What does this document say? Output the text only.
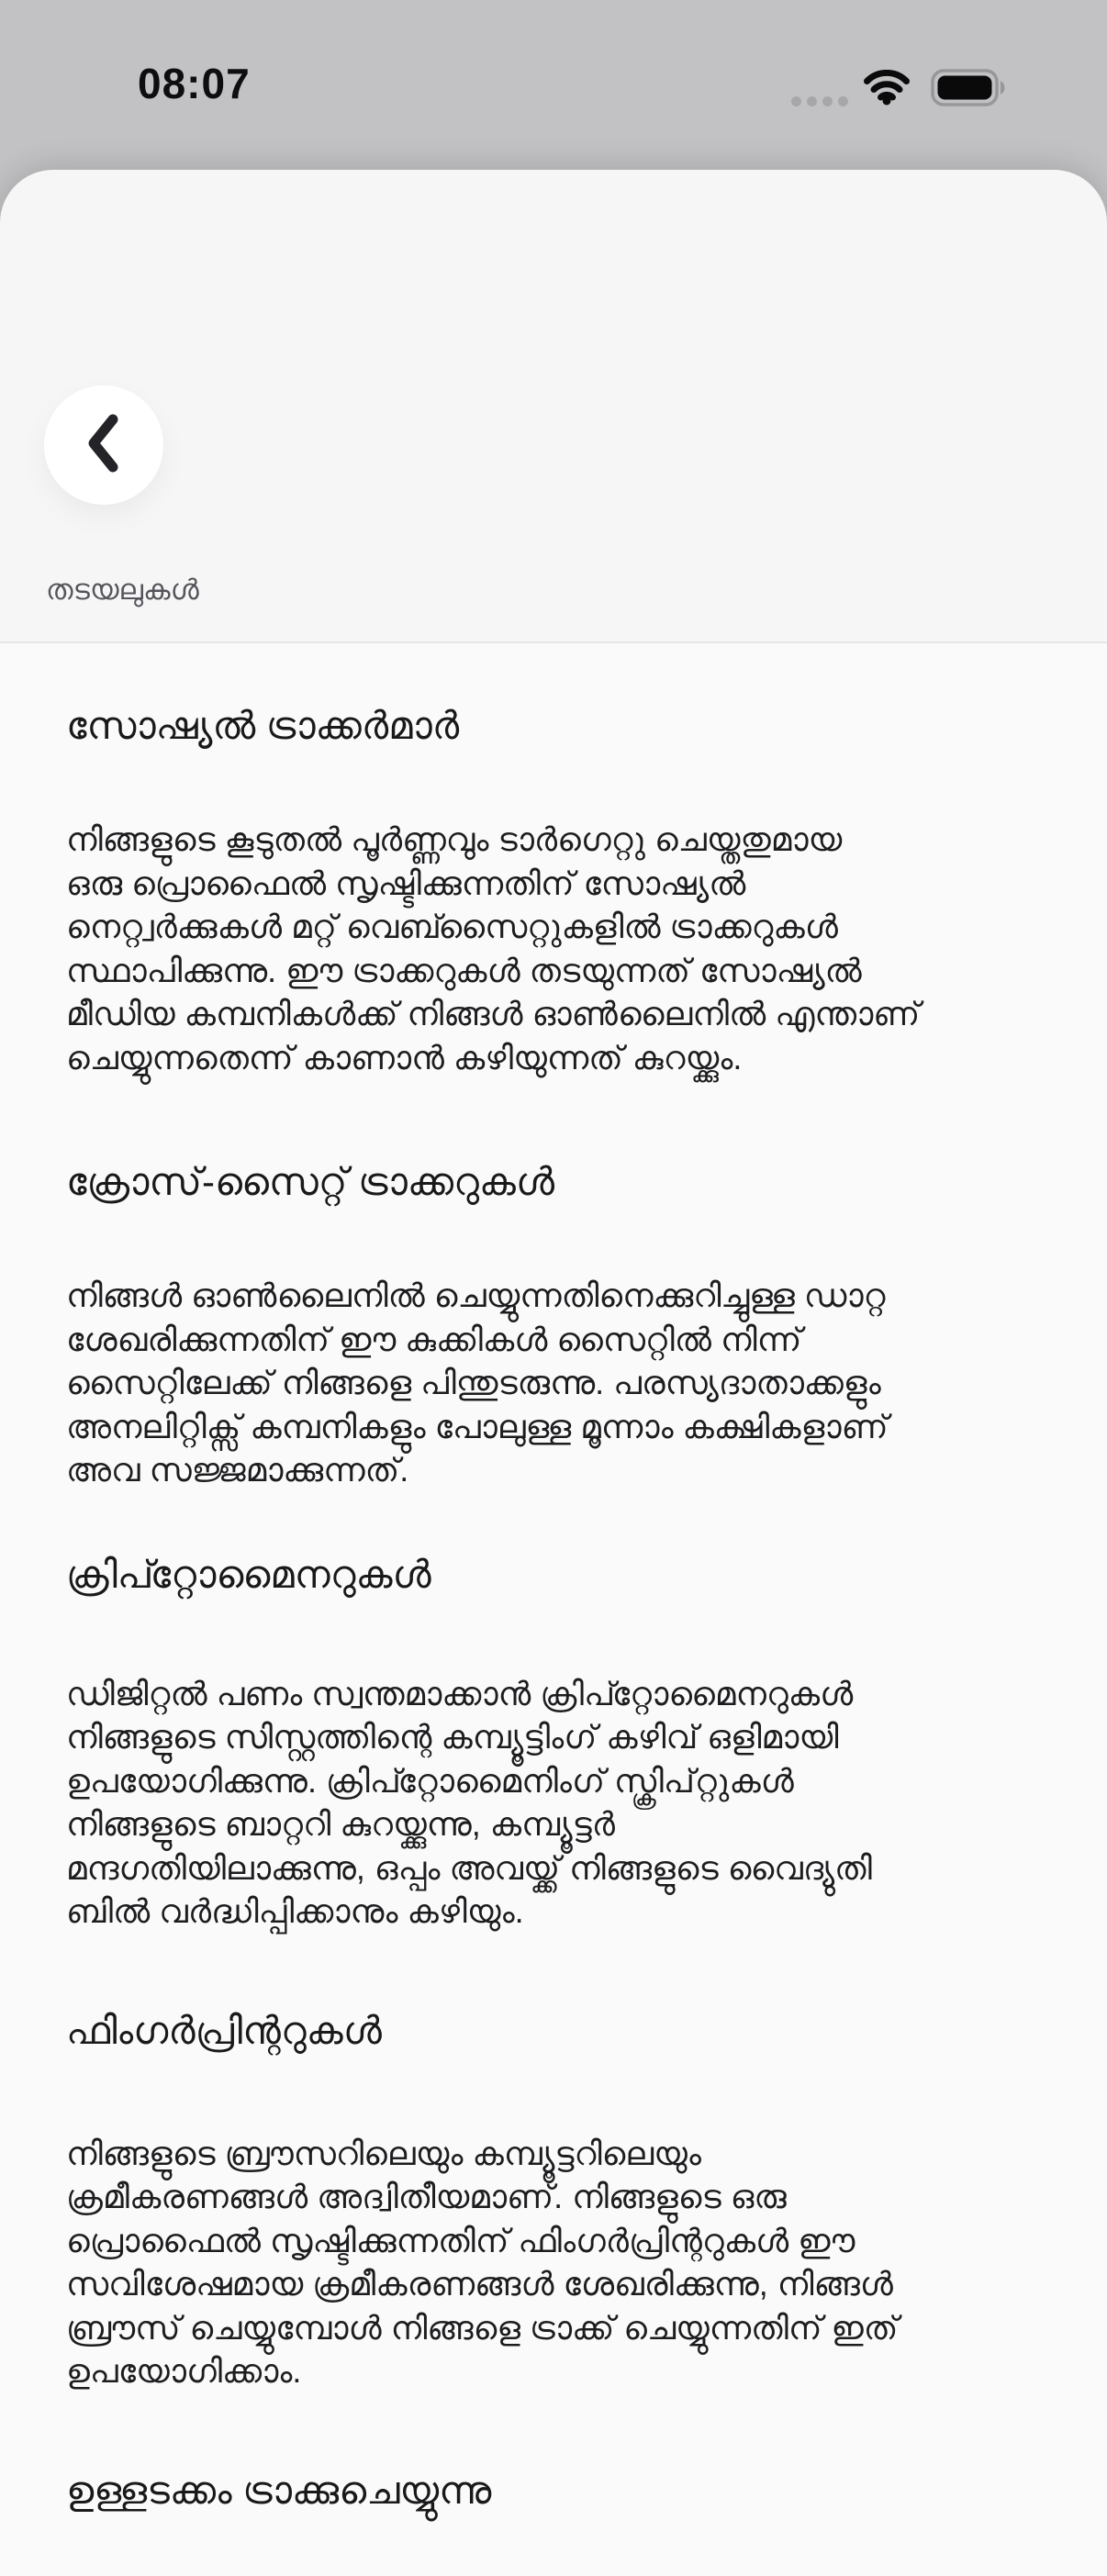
08:07
തടയലുകൾ
സോഷ്യൽ ട്രാക്കർമാർ
നിങ്ങളുടെ കൂടുതൽ പൂർണ്ണവും ടാർഗെറ്റു ചെയ്തതുമായ
ഒരു പ്രൊഫൈൽ സൃഷ്ടിക്കുന്നതിന് സോഷ്യൽ
നെറ്റ്വർക്കുകൾ മറ്റ് വെബ്സൈറ്റുകളിൽ ട്രാക്കറുകൾ
സ്ഥാപിക്കുന്നു. ഈ ട്രാക്കറുകൾ തടയുന്നത് സോഷ്യൽ
മീഡിയ കമ്പനികൾക്ക് നിങ്ങൾ ഓൺലൈനിൽ എന്താണ്
ചെയ്യുന്നതെന്ന് കാണാൻ കഴിയുന്നത് കുറയ്ക്കും.
ക്രോസ്-സൈറ്റ് ട്രാക്കറുകൾ
നിങ്ങൾ ഓൺലൈനിൽ ചെയ്യുന്നതിനെക്കുറിച്ചുള്ള ഡാറ്റ
ശേഖരിക്കുന്നതിന് ഈ കുക്കികൾ സൈറ്റിൽ നിന്ന്
സൈറ്റിലേക്ക് നിങ്ങളെ പിന്തുടരുന്നു. പരസ്യദാതാക്കളും
അനലിറ്റിക്സ് കമ്പനികളും പോലുള്ള മൂന്നാം കക്ഷികളാണ്
അവ സജ്ജമാക്കുന്നത്.
ക്രിപ്റ്റോമൈനറുകൾ
ഡിജിറ്റൽ പണം സ്വന്തമാക്കാൻ ക്രിപ്റ്റോമൈനറുകൾ
നിങ്ങളുടെ സിസ്റ്റത്തിന്റെ കമ്പ്യൂട്ടിംഗ് കഴിവ് ഒളിമായി
ഉപയോഗിക്കുന്നു. ക്രിപ്റ്റോമൈനിംഗ് സ്ക്രിപ്റ്റുകൾ
നിങ്ങളുടെ ബാറ്ററി കുറയ്ക്കുന്നു, കമ്പ്യൂട്ടർ
മന്ദഗതിയിലാക്കുന്നു, ഒപ്പം അവയ്ക്ക് നിങ്ങളുടെ വൈദ്യുതി
ബിൽ വർദ്ധിപ്പിക്കാനും കഴിയും.
ഫിംഗർപ്രിന്ററുകൾ
നിങ്ങളുടെ ബ്രൗസറിലെയും കമ്പ്യൂട്ടറിലെയും
ക്രമീകരണങ്ങൾ അദ്വിതീയമാണ്. നിങ്ങളുടെ ഒരു
പ്രൊഫൈൽ സൃഷ്ടിക്കുന്നതിന് ഫിംഗർപ്രിന്ററുകൾ ഈ
സവിശേഷമായ ക്രമീകരണങ്ങൾ ശേഖരിക്കുന്നു, നിങ്ങൾ
ബ്രൗസ് ചെയ്യുമ്പോൾ നിങ്ങളെ ട്രാക്ക് ചെയ്യുന്നതിന് ഇത്
ഉപയോഗിക്കാം.
ഉള്ളടക്കം ട്രാക്കുചെയ്യുന്നു
